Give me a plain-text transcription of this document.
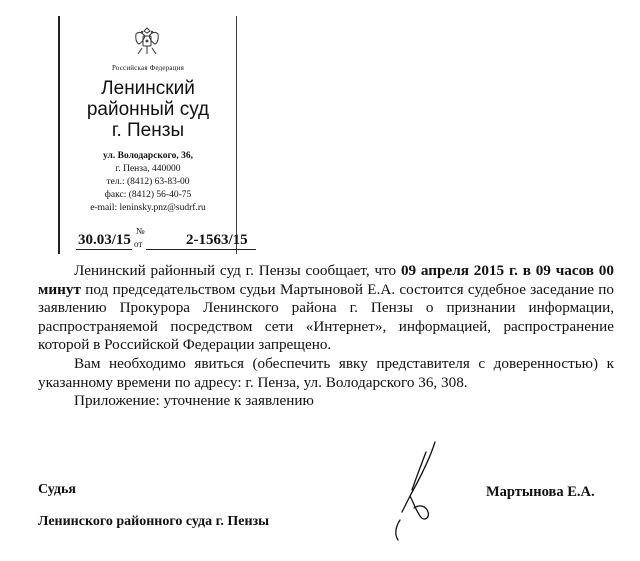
Российская Федерация
Ленинский
районный суд
г. Пензы
ул. Володарского, 36,
г. Пенза, 440000
тел.: (8412) 63-83-00
факс: (8412) 56-40-75
e-mail: leninsky.pnz@sudrf.ru
30.03/15
№
от	2-1563/15

Ленинский районный суд г. Пензы сообщает, что 09 апреля 2015 г. в 09 часов 00 минут под председательством судьи Мартыновой Е.А. состоится судебное заседание по заявлению Прокурора Ленинского района г. Пензы о признании информации, распространяемой посредством сети «Интернет», информацией, распространение которой в Российской Федерации запрещено.

Вам необходимо явиться (обеспечить явку представителя с доверенностью) к указанному времени по адресу: г. Пенза, ул. Володарского 36, 308.

Приложение: уточнение к заявлению

Судья
Ленинского районного суда г. Пензы
Мартынова Е.А.
